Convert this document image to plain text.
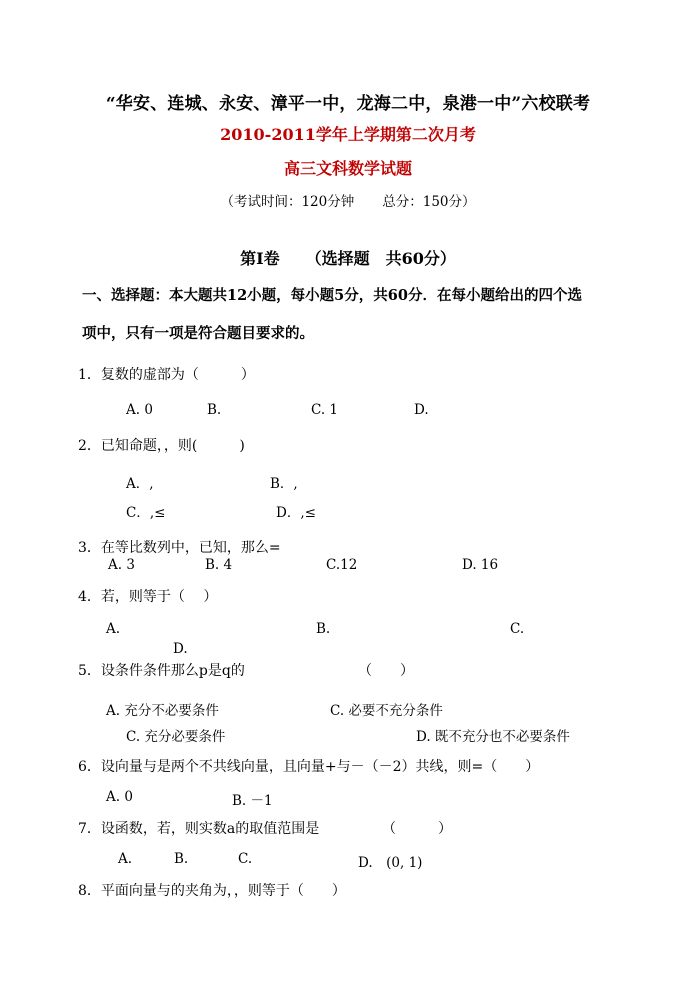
“华安、连城、永安、漳平一中，龙海二中，泉港一中”六校联考
2010-2011学年上学期第二次月考
高三文科数学试题
（考试时间：120分钟 总分：150分）
第Ⅰ卷 （选择题　共60分）
一、选择题：本大题共12小题，每小题5分，共60分．在每小题给出的四个选
项中，只有一项是符合题目要求的。
1．复数的虚部为（　　　）
A. 0	B.	C. 1	D.
2．已知命题，，则(　　　)
A．,	B．,
C．,≤	D．,≤
3．在等比数列中，已知，那么=
A. 3	B. 4	C.12	D. 16
4．若，则等于（　 ）
A.	B.	C.
D.
5．设条件条件那么p是q的	（　　）
A. 充分不必要条件	C. 必要不充分条件
C. 充分必要条件	D. 既不充分也不必要条件
6．设向量与是两个不共线向量，且向量+与－（－2）共线，则=（　　）
A. 0	B. －1
7．设函数，若，则实数a的取值范围是	（　　　）
A.	B.	C.	D.　(0, 1)
8．平面向量与的夹角为，，则等于（　　）
